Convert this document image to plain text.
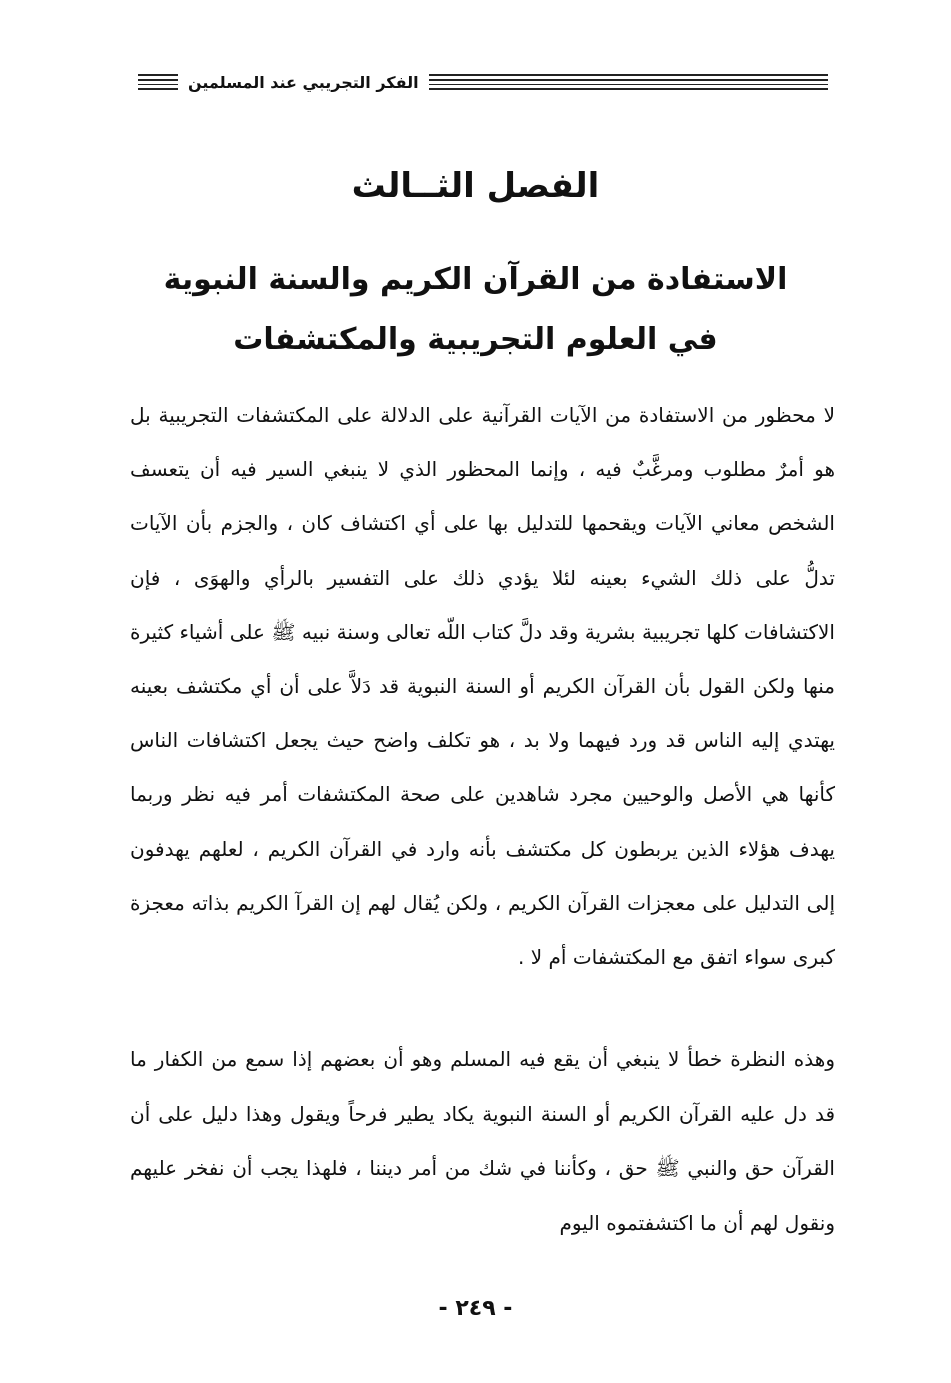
الفكر التجريبي عند المسلمين
الفصل الثــالث
الاستفادة من القرآن الكريم والسنة النبوية
في العلوم التجريبية والمكتشفات

لا محظور من الاستفادة من الآيات القرآنية على الدلالة على المكتشفات التجريبية بل هو أمرٌ مطلوب ومرغَّبٌ فيه ، وإنما المحظور الذي لا ينبغي السير فيه أن يتعسف الشخص معاني الآيات ويقحمها للتدليل بها على أي اكتشاف كان ، والجزم بأن الآيات تدلُّ على ذلك الشيء بعينه لئلا يؤدي ذلك على التفسير بالرأي والهوَى ، فإن الاكتشافات كلها تجريبية بشرية وقد دلَّ كتاب اللّه تعالى وسنة نبيه ﷺ على أشياء كثيرة منها ولكن القول بأن القرآن الكريم أو السنة النبوية قد دَلاَّ على أن أي مكتشف بعينه يهتدي إليه الناس قد ورد فيهما ولا بد ، هو تكلف واضح حيث يجعل اكتشافات الناس كأنها هي الأصل والوحيين مجرد شاهدين على صحة المكتشفات أمر فيه نظر وربما يهدف هؤلاء الذين يربطون كل مكتشف بأنه وارد في القرآن الكريم ، لعلهم يهدفون إلى التدليل على معجزات القرآن الكريم ، ولكن يُقال لهم إن القرآ الكريم بذاته معجزة كبرى سواء اتفق مع المكتشفات أم لا .

وهذه النظرة خطأ لا ينبغي أن يقع فيه المسلم وهو أن بعضهم إذا سمع من الكفار ما قد دل عليه القرآن الكريم أو السنة النبوية يكاد يطير فرحاً ويقول وهذا دليل على أن القرآن حق والنبي ﷺ حق ، وكأننا في شك من أمر ديننا ، فلهذا يجب أن نفخر عليهم ونقول لهم أن ما اكتشفتموه اليوم

- ٢٤٩ -
